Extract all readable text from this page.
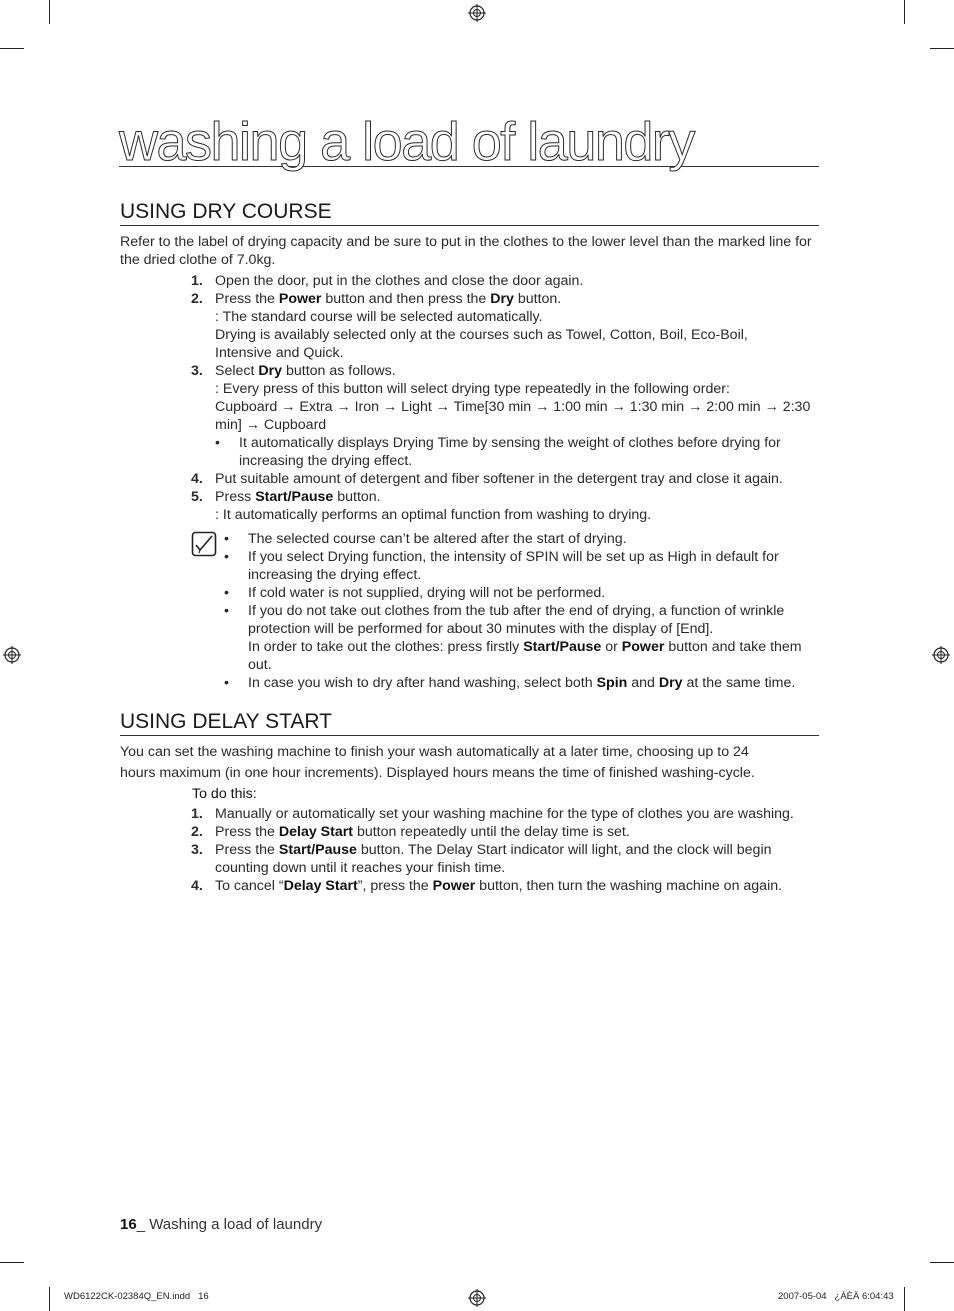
washing a load of laundry
USING DRY COURSE
Refer to the label of drying capacity and be sure to put in the clothes to the lower level than the marked line for the dried clothe of 7.0kg.
1. Open the door, put in the clothes and close the door again.
2. Press the Power button and then press the Dry button.
: The standard course will be selected automatically.
Drying is availably selected only at the courses such as Towel, Cotton, Boil, Eco-Boil, Intensive and Quick.
3. Select Dry button as follows.
: Every press of this button will select drying type repeatedly in the following order:
Cupboard → Extra → Iron → Light → Time[30 min → 1:00 min → 1:30 min → 2:00 min → 2:30 min] → Cupboard
• It automatically displays Drying Time by sensing the weight of clothes before drying for increasing the drying effect.
4. Put suitable amount of detergent and fiber softener in the detergent tray and close it again.
5. Press Start/Pause button.
: It automatically performs an optimal function from washing to drying.
• The selected course can’t be altered after the start of drying.
• If you select Drying function, the intensity of SPIN will be set up as High in default for increasing the drying effect.
• If cold water is not supplied, drying will not be performed.
• If you do not take out clothes from the tub after the end of drying, a function of wrinkle protection will be performed for about 30 minutes with the display of [End].
In order to take out the clothes: press firstly Start/Pause or Power button and take them out.
• In case you wish to dry after hand washing, select both Spin and Dry at the same time.
USING DELAY START
You can set the washing machine to finish your wash automatically at a later time, choosing up to 24
hours maximum (in one hour increments). Displayed hours means the time of finished washing-cycle.
To do this:
1. Manually or automatically set your washing machine for the type of clothes you are washing.
2. Press the Delay Start button repeatedly until the delay time is set.
3. Press the Start/Pause button. The Delay Start indicator will light, and the clock will begin counting down until it reaches your finish time.
4. To cancel “Delay Start”, press the Power button, then turn the washing machine on again.
16_ Washing a load of laundry
WD6122CK-02384Q_EN.indd   16	2007-05-04   ¿ÀÈÄ 6:04:43
